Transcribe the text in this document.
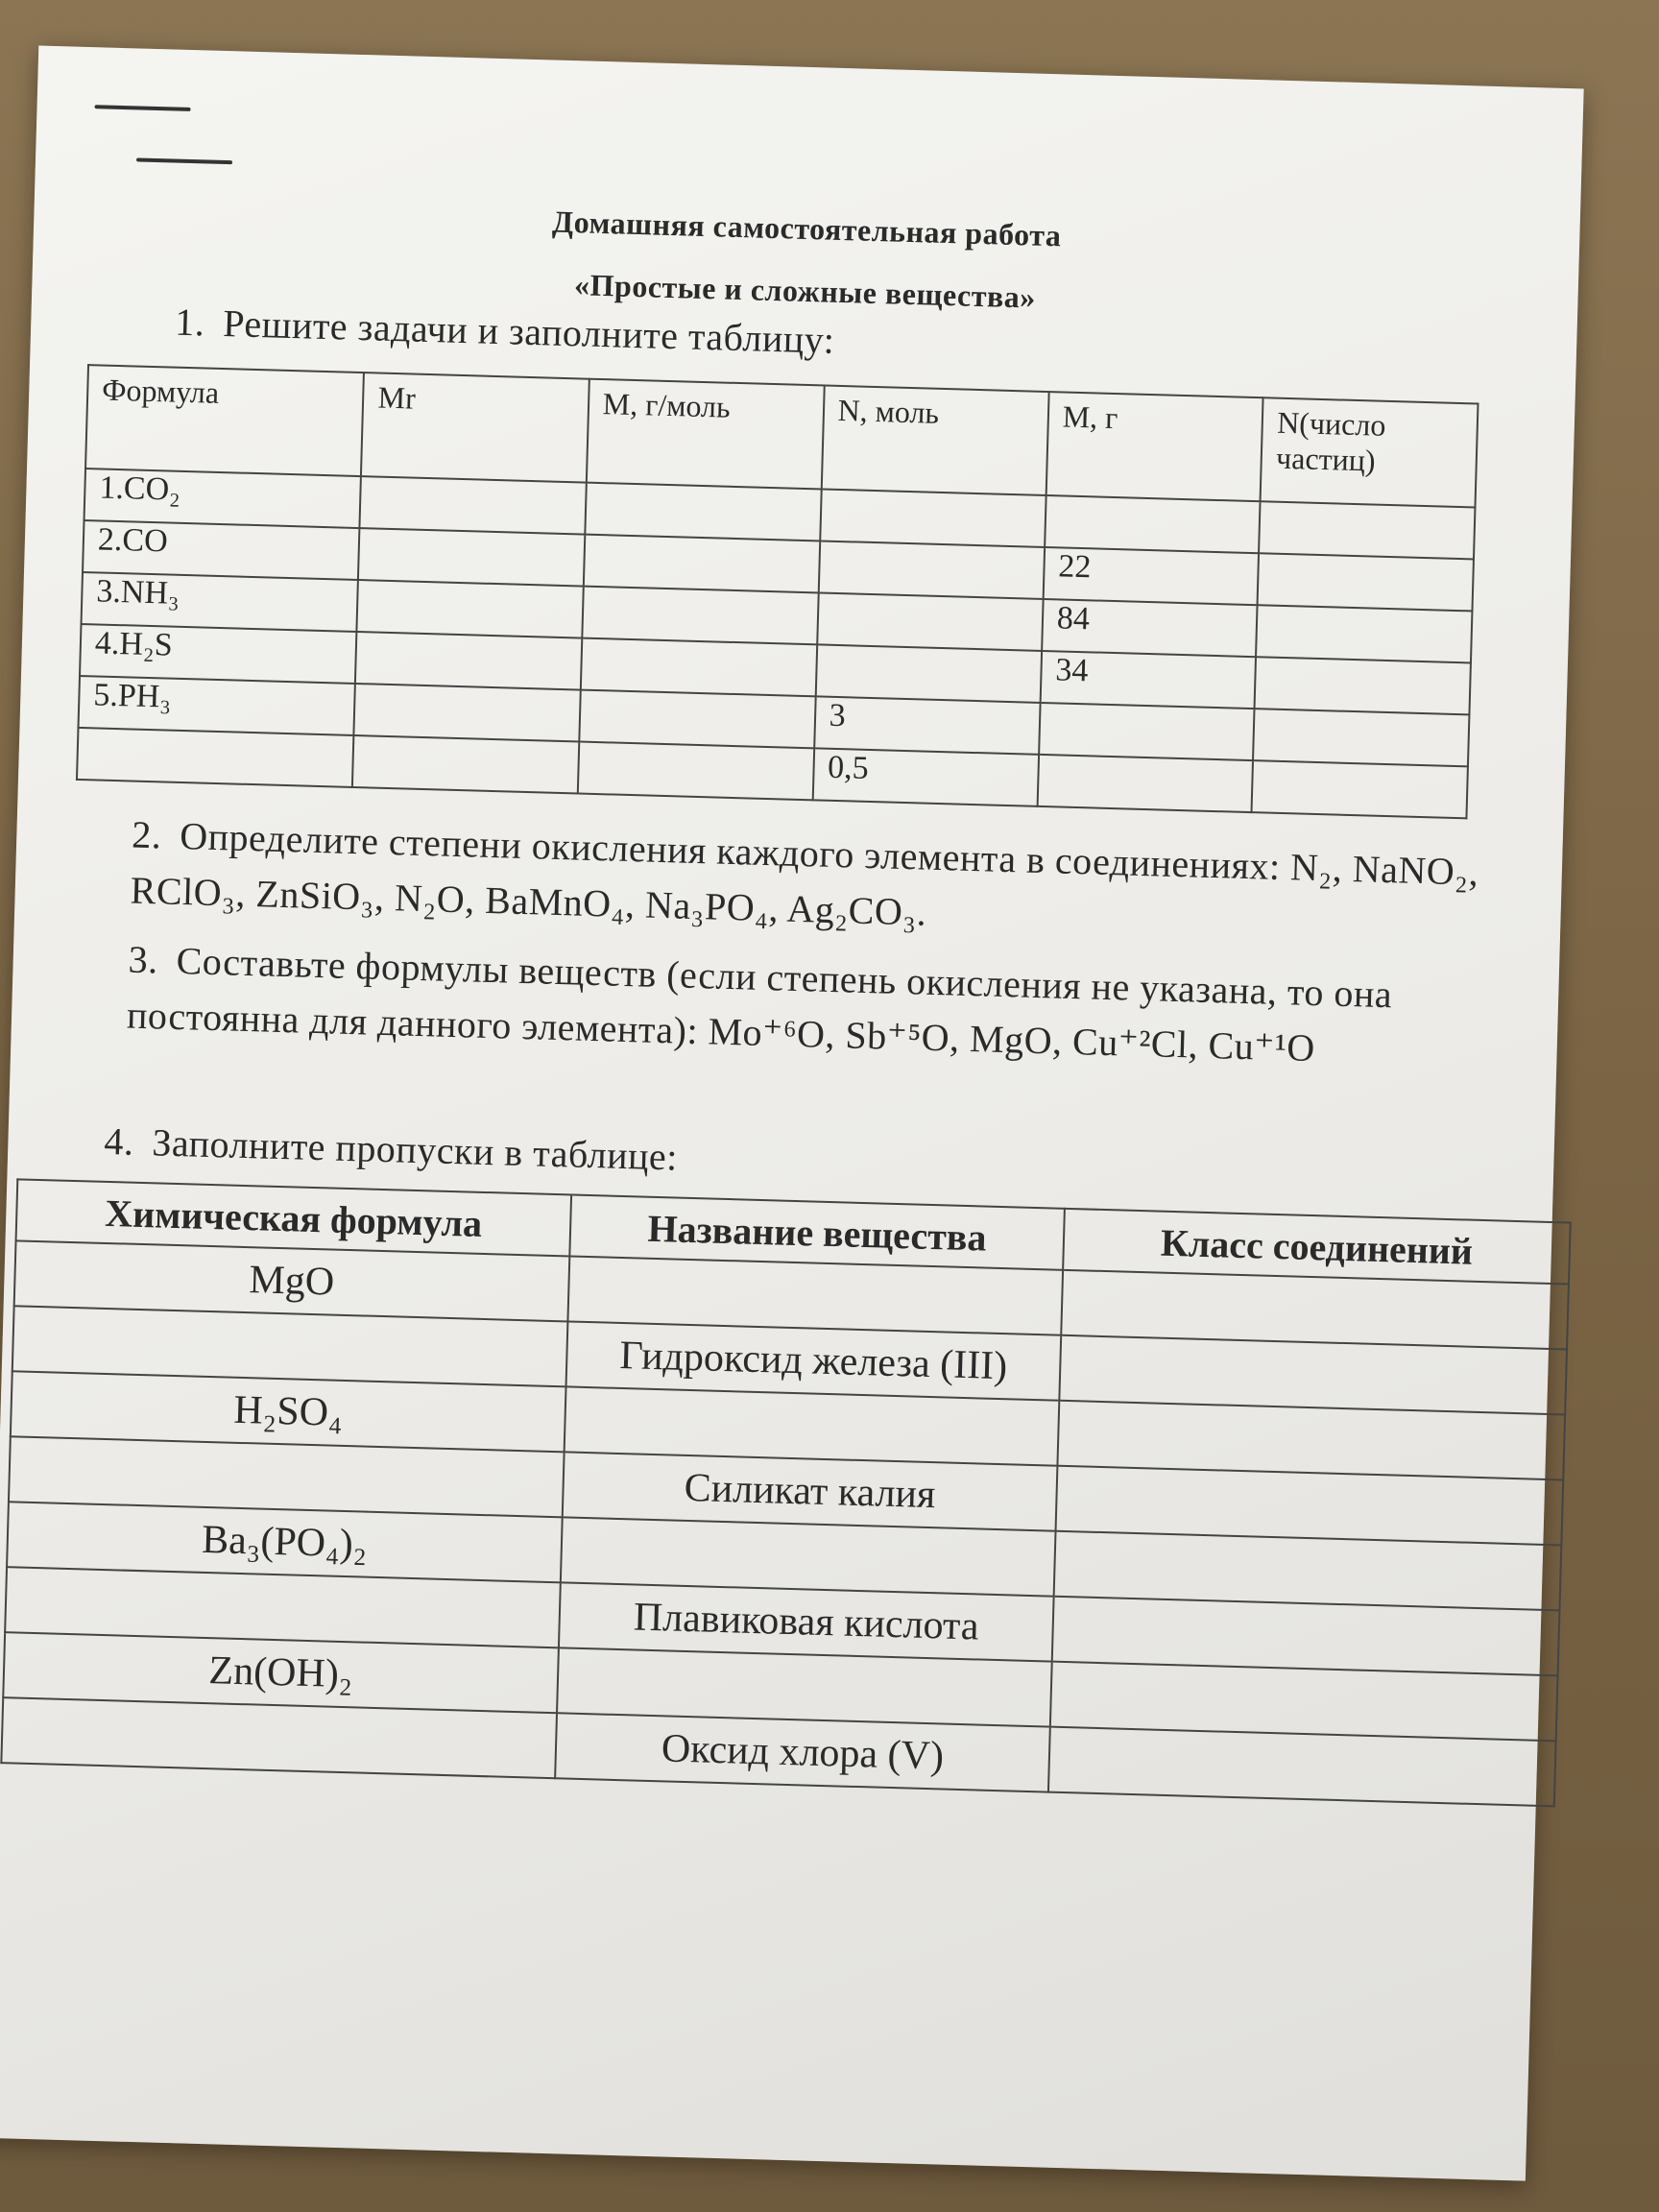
Домашняя самостоятельная работа
«Простые и сложные вещества»
1. Решите задачи и заполните таблицу:
Формула	Mr	M, г/моль	N, моль	M, г	N(число частиц)
1.CO₂					
2.CO				22	
3.NH₃				84	
4.H₂S				34	
5.PH₃			3		
			0,5		
2. Определите степени окисления каждого элемента в соединениях: N₂, NaNO₂, RClO₃, ZnSiO₃, N₂O, BaMnO₄, Na₃PO₄, Ag₂CO₃.
3. Составьте формулы веществ (если степень окисления не указана, то она постоянна для данного элемента): Mo⁺⁶O, Sb⁺⁵O, MgO, Cu⁺²Cl, Cu⁺¹O
4. Заполните пропуски в таблице:
Химическая формула	Название вещества	Класс соединений
MgO		
	Гидроксид железа (III)	
H₂SO₄		
	Силикат калия	
Ba₃(PO₄)₂		
	Плавиковая кислота	
Zn(OH)₂		
	Оксид хлора (V)	
